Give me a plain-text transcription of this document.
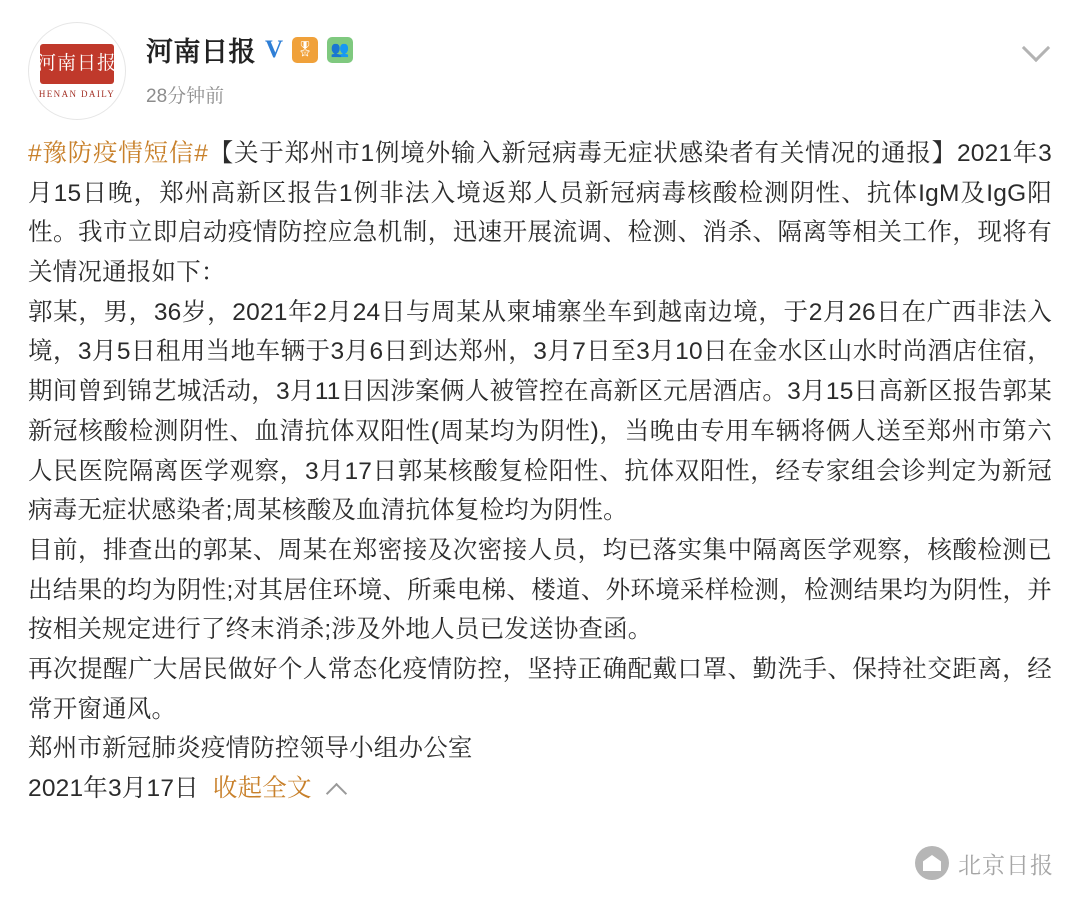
河南日报
HENAN DAILY
河南日报 V 🎖 👥
28分钟前

#豫防疫情短信#【关于郑州市1例境外输入新冠病毒无症状感染者有关情况的通报】2021年3月15日晚，郑州高新区报告1例非法入境返郑人员新冠病毒核酸检测阴性、抗体IgM及IgG阳性。我市立即启动疫情防控应急机制，迅速开展流调、检测、消杀、隔离等相关工作，现将有关情况通报如下：

郭某，男，36岁，2021年2月24日与周某从柬埔寨坐车到越南边境，于2月26日在广西非法入境，3月5日租用当地车辆于3月6日到达郑州，3月7日至3月10日在金水区山水时尚酒店住宿，期间曾到锦艺城活动，3月11日因涉案俩人被管控在高新区元居酒店。3月15日高新区报告郭某新冠核酸检测阴性、血清抗体双阳性(周某均为阴性)，当晚由专用车辆将俩人送至郑州市第六人民医院隔离医学观察，3月17日郭某核酸复检阳性、抗体双阳性，经专家组会诊判定为新冠病毒无症状感染者;周某核酸及血清抗体复检均为阴性。

目前，排查出的郭某、周某在郑密接及次密接人员，均已落实集中隔离医学观察，核酸检测已出结果的均为阴性;对其居住环境、所乘电梯、楼道、外环境采样检测，检测结果均为阴性，并按相关规定进行了终末消杀;涉及外地人员已发送协查函。

再次提醒广大居民做好个人常态化疫情防控，坚持正确配戴口罩、勤洗手、保持社交距离，经常开窗通风。

郑州市新冠肺炎疫情防控领导小组办公室

2021年3月17日 收起全文

北京日报
